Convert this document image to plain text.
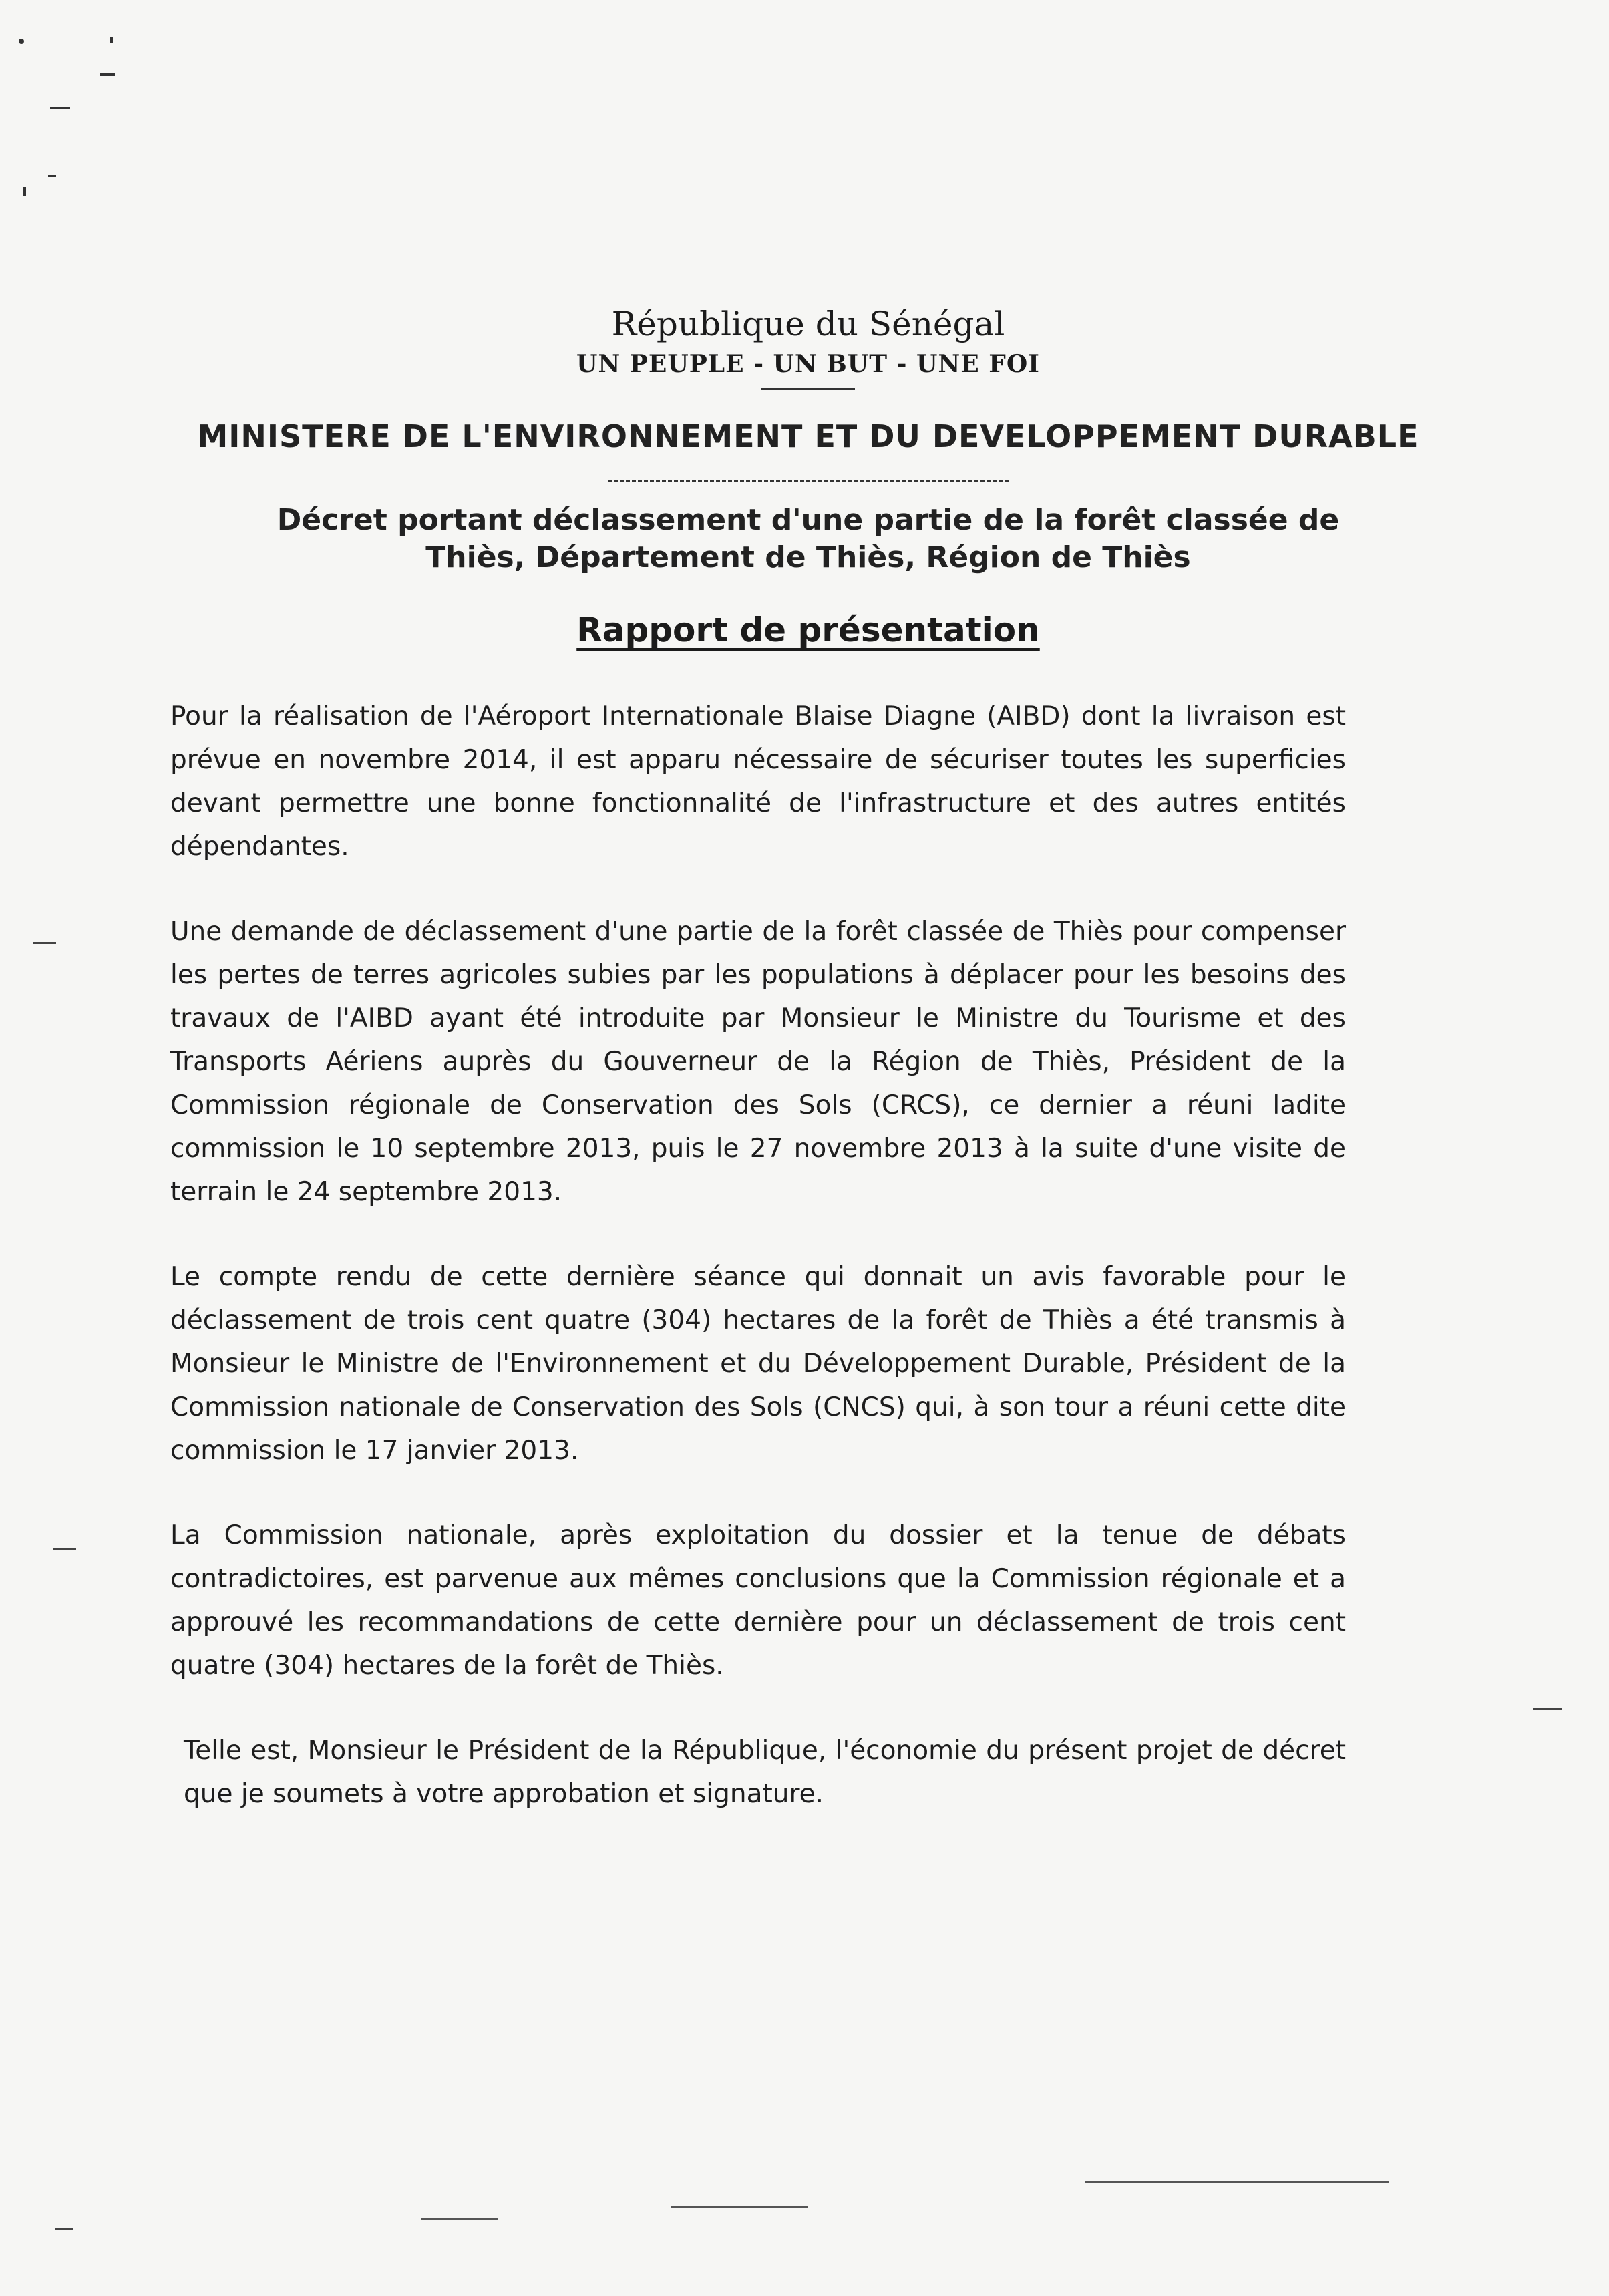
République du Sénégal

UN PEUPLE - UN BUT - UNE FOI

MINISTERE DE L'ENVIRONNEMENT ET DU DEVELOPPEMENT DURABLE

Décret portant déclassement d'une partie de la forêt classée de Thiès, Département de Thiès, Région de Thiès

Rapport de présentation

Pour la réalisation de l'Aéroport Internationale Blaise Diagne (AIBD) dont la livraison est prévue en novembre 2014, il est apparu nécessaire de sécuriser toutes les superficies devant permettre une bonne fonctionnalité de l'infrastructure et des autres entités dépendantes.

Une demande de déclassement d'une partie de la forêt classée de Thiès pour compenser les pertes de terres agricoles subies par les populations à déplacer pour les besoins des travaux de l'AIBD ayant été introduite par Monsieur le Ministre du Tourisme et des Transports Aériens auprès du Gouverneur de la Région de Thiès, Président de la Commission régionale de Conservation des Sols (CRCS), ce dernier a réuni ladite commission le 10 septembre 2013, puis le 27 novembre 2013 à la suite d'une visite de terrain le 24 septembre 2013.

Le compte rendu de cette dernière séance qui donnait un avis favorable pour le déclassement de trois cent quatre (304) hectares de la forêt de Thiès a été transmis à Monsieur le Ministre de l'Environnement et du Développement Durable, Président de la Commission nationale de Conservation des Sols (CNCS) qui, à son tour a réuni cette dite commission le 17 janvier 2013.

La Commission nationale, après exploitation du dossier et la tenue de débats contradictoires, est parvenue aux mêmes conclusions que la Commission régionale et a approuvé les recommandations de cette dernière pour un déclassement de trois cent quatre (304) hectares de la forêt de Thiès.

Telle est, Monsieur le Président de la République, l'économie du présent projet de décret que je soumets à votre approbation et signature.
